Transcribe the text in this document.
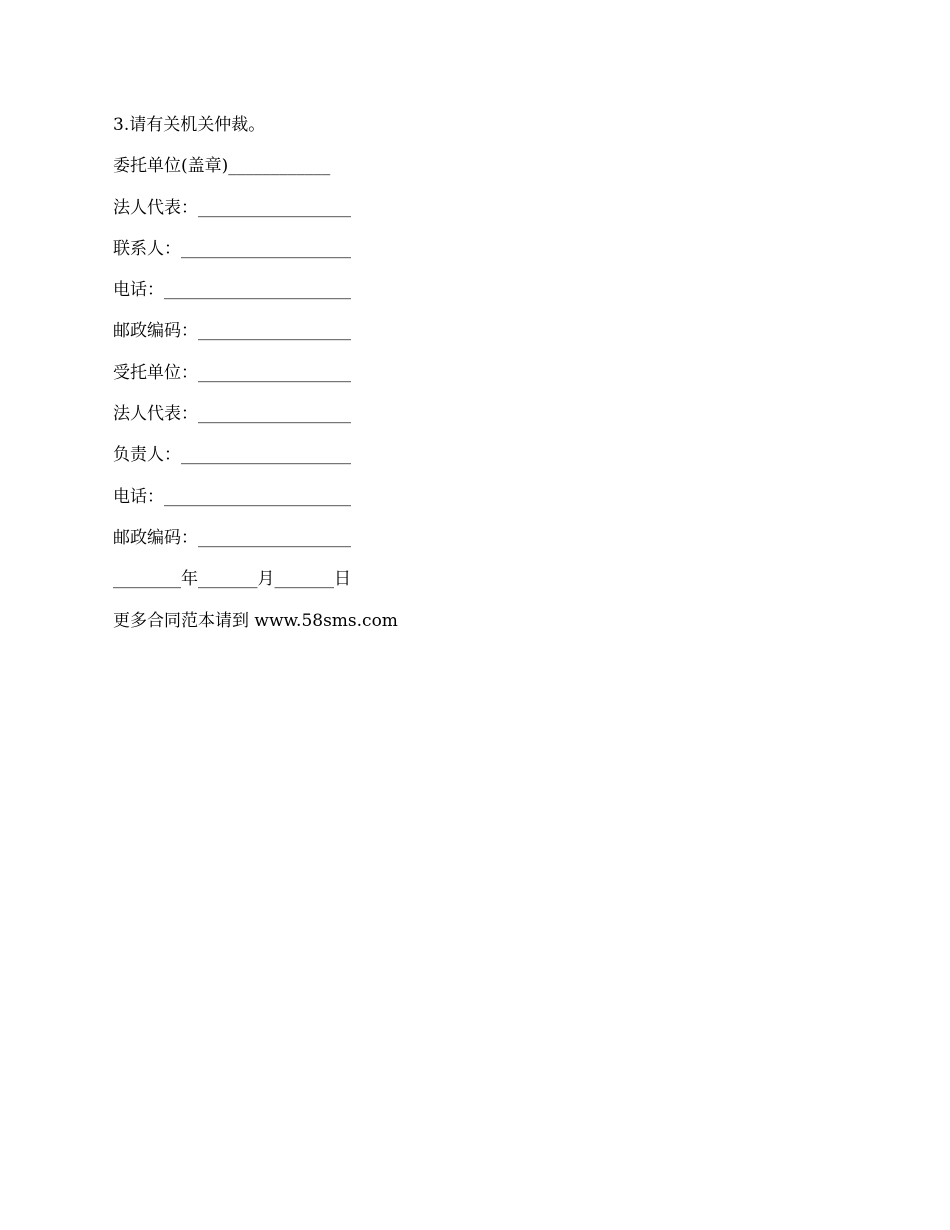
3.请有关机关仲裁。
委托单位(盖章)____________
法人代表：__________________
联系人：____________________
电话：______________________
邮政编码：__________________
受托单位：__________________
法人代表：__________________
负责人：____________________
电话：______________________
邮政编码：__________________
________年_______月_______日
更多合同范本请到 www.58sms.com
